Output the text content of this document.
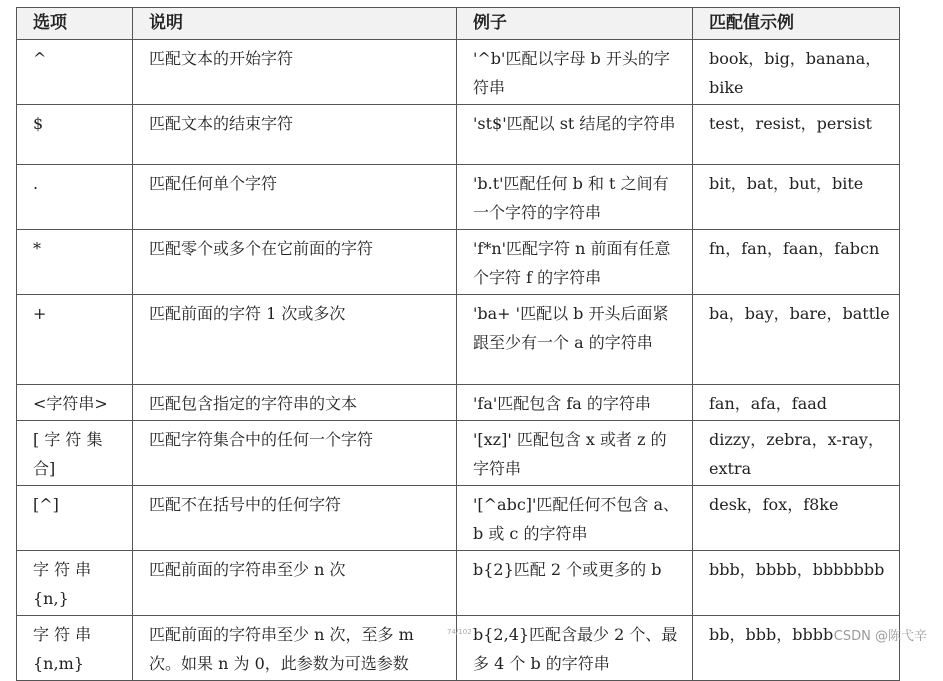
选项	说明	例子	匹配值示例
^	匹配文本的开始字符	'^b'匹配以字母 b 开头的字符串	book，big，banana，bike
$	匹配文本的结束字符	'st$'匹配以 st 结尾的字符串	test，resist，persist
.	匹配任何单个字符	'b.t'匹配任何 b 和 t 之间有一个字符的字符串	bit，bat，but，bite
*	匹配零个或多个在它前面的字符	'f*n'匹配字符 n 前面有任意个字符 f 的字符串	fn，fan，faan，fabcn
+	匹配前面的字符 1 次或多次	'ba+ '匹配以 b 开头后面紧跟至少有一个 a 的字符串	ba，bay，bare，battle
<字符串>	匹配包含指定的字符串的文本	'fa'匹配包含 fa 的字符串	fan，afa，faad
[ 字 符 集 合]	匹配字符集合中的任何一个字符	'[xz]' 匹配包含 x 或者 z 的字符串	dizzy，zebra，x-ray，extra
[^]	匹配不在括号中的任何字符	'[^abc]'匹配任何不包含 a、b 或 c 的字符串	desk，fox，f8ke
字 符 串 {n,}	匹配前面的字符串至少 n 次	b{2}匹配 2 个或更多的 b	bbb，bbbb，bbbbbbb
字 符 串 {n,m}	匹配前面的字符串至少 n 次，至多 m 次。如果 n 为 0，此参数为可选参数	b{2,4}匹配含最少 2 个、最多 4 个 b 的字符串	bb，bbb，bbbb
74/102	CSDN @陈弋辛
